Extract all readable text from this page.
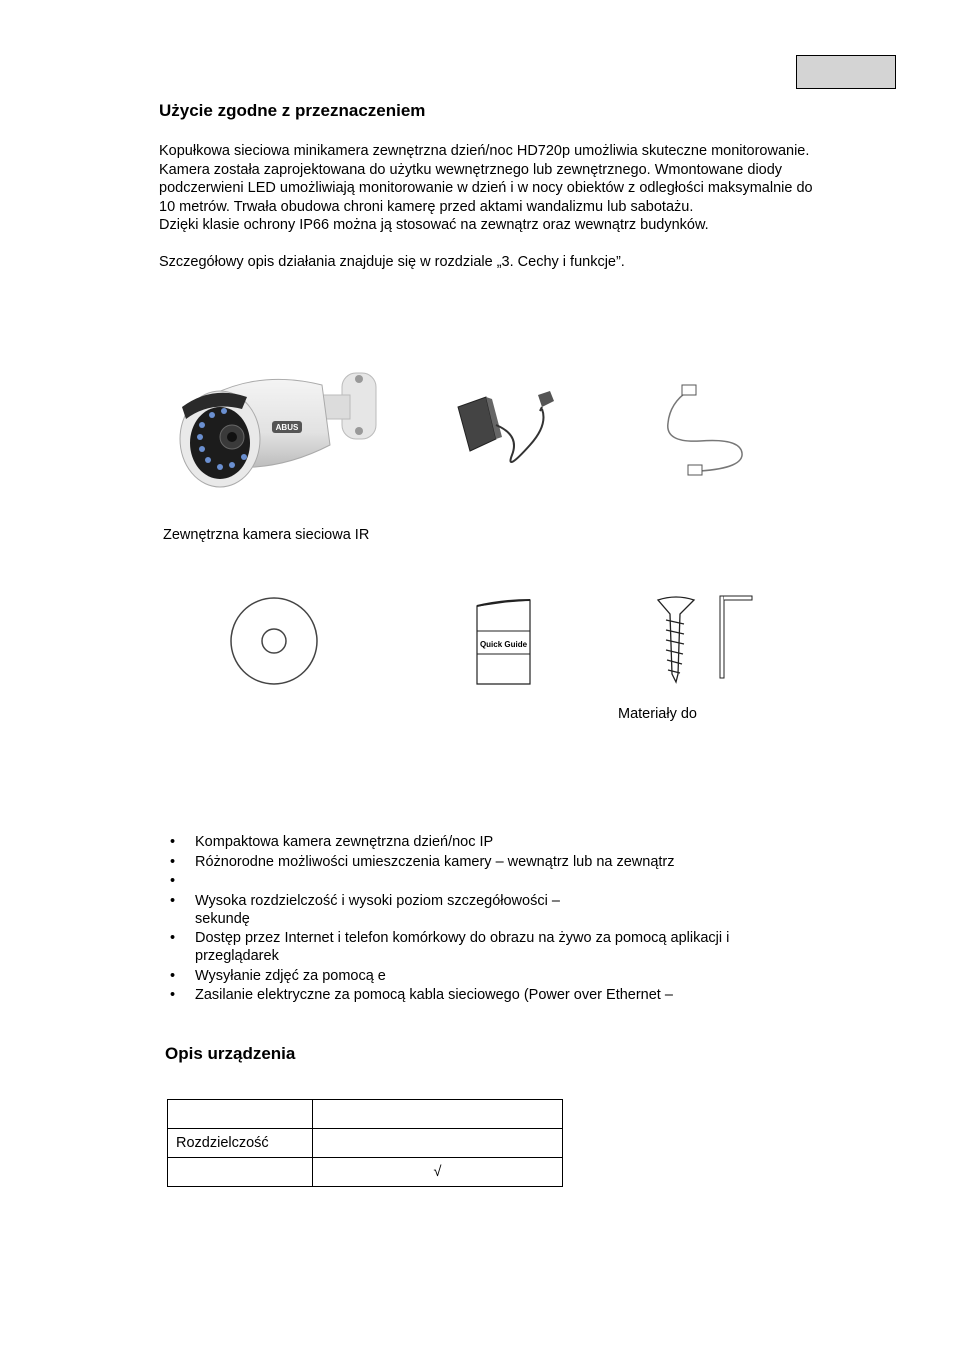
Użycie zgodne z przeznaczeniem

Kopułkowa sieciowa minikamera zewnętrzna dzień/noc HD720p umożliwia skuteczne monitorowanie.

Kamera została zaprojektowana do użytku wewnętrznego lub zewnętrznego. Wmontowane diody

podczerwieni LED umożliwiają monitorowanie w dzień i w nocy obiektów z odległości maksymalnie do

10 metrów. Trwała obudowa chroni kamerę przed aktami wandalizmu lub sabotażu.

Dzięki klasie ochrony IP66 można ją stosować na zewnątrz oraz wewnątrz budynków.

Szczegółowy opis działania znajduje się w rozdziale „3. Cechy i funkcje”.
ABUS
Zewnętrzna kamera sieciowa IR
Quick Guide
Materiały do
• Kompaktowa kamera zewnętrzna dzień/noc IP
• Różnorodne możliwości umieszczenia kamery – wewnątrz lub na zewnątrz
•
• Wysoka rozdzielczość i wysoki poziom szczegółowości –
sekundę
• Dostęp przez Internet i telefon komórkowy do obrazu na żywo za pomocą aplikacji i
przeglądarek
• Wysyłanie zdjęć za pomocą e
• Zasilanie elektryczne za pomocą kabla sieciowego (Power over Ethernet –
Opis urządzenia

Rozdzielczość	
	√
